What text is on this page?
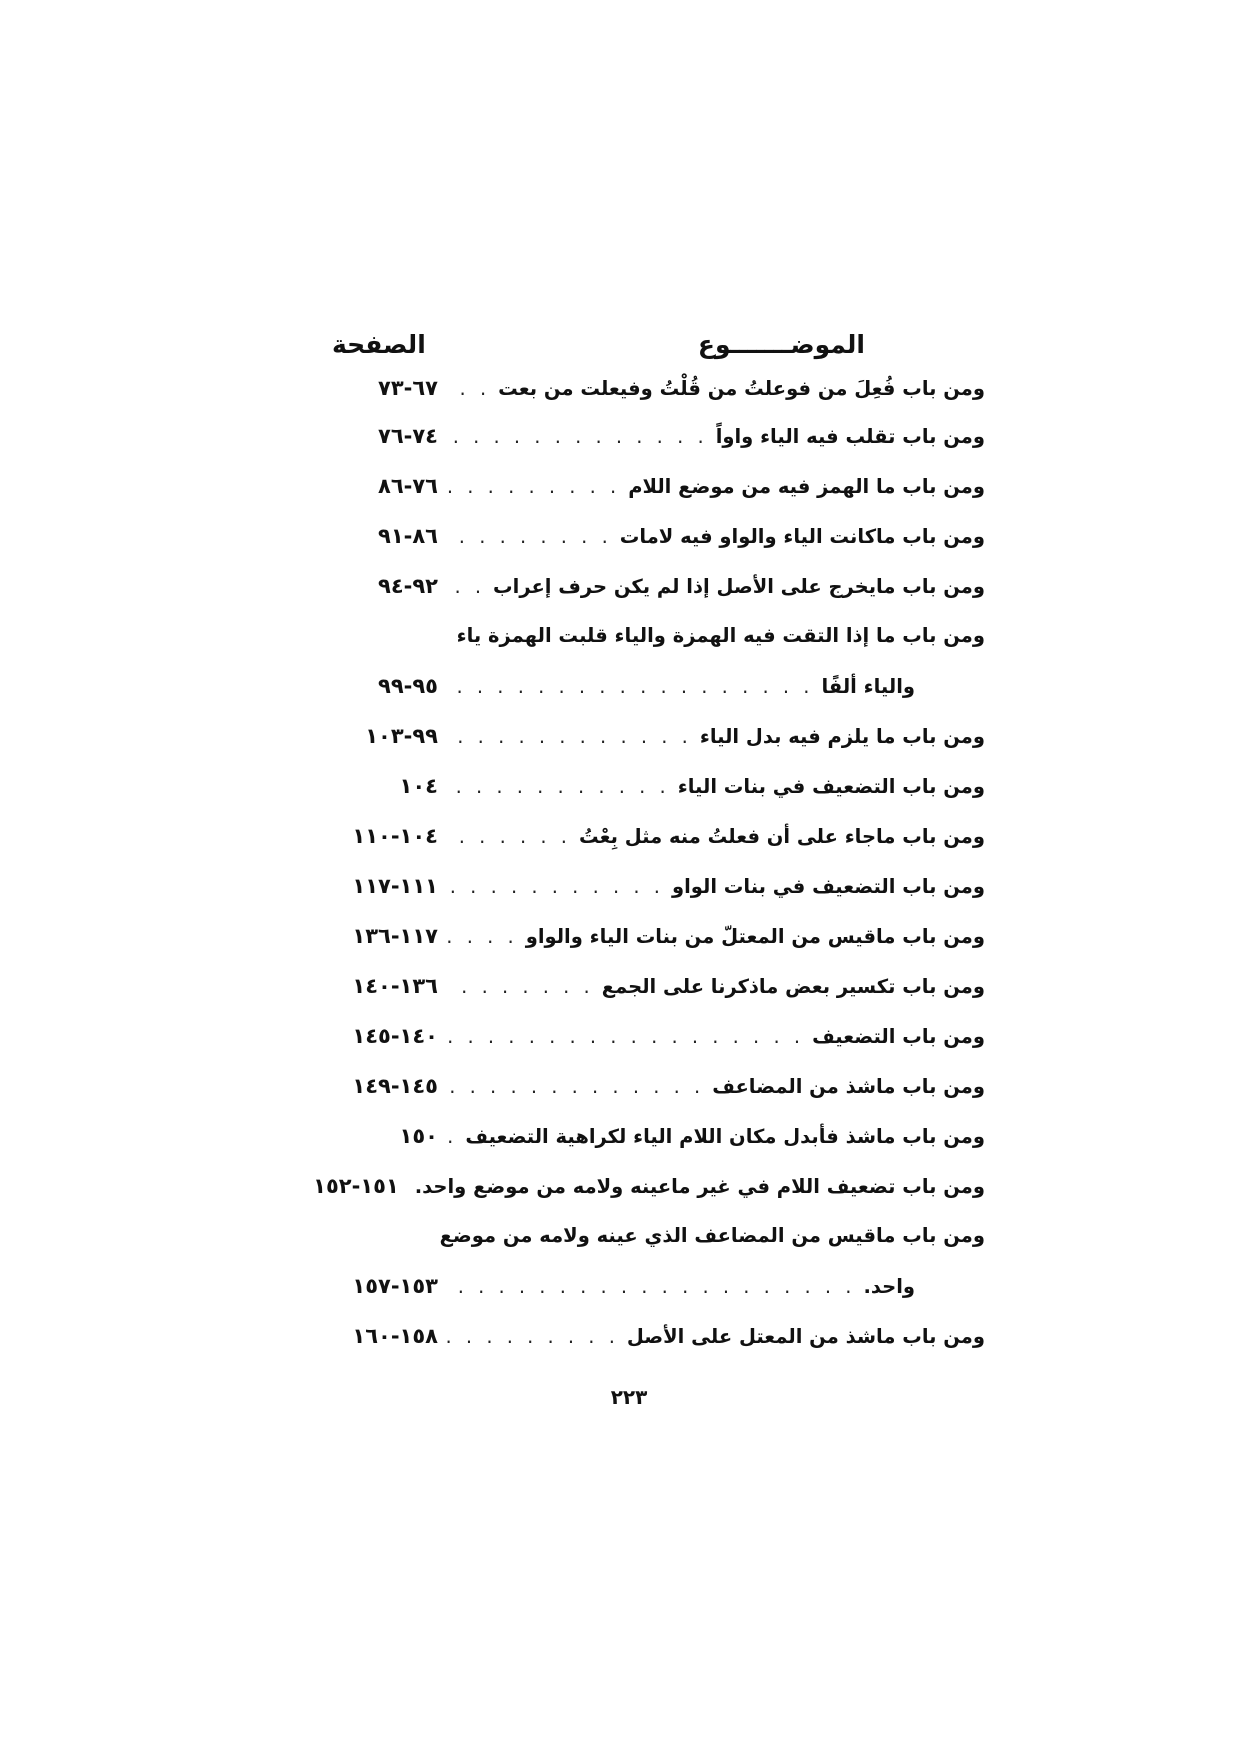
الموضـــــــوع
الصفحة
ومن باب فُعِلَ من فوعلتُ من قُلْتُ وفيعلت من بعت
. . .
٦٧-٧٣
ومن باب تقلب فيه الياء واواً
. . .
٧٤-٧٦
ومن باب ما الهمز فيه من موضع اللام
. . .
٧٦-٨٦
ومن باب ماكانت الياء والواو فيه لامات
. . .
٨٦-٩١
ومن باب مايخرج على الأصل إذا لم يكن حرف إعراب
. . .
٩٢-٩٤
ومن باب ما إذا التقت فيه الهمزة والياء قلبت الهمزة ياء
والياء ألفًا
. . .
٩٥-٩٩
ومن باب ما يلزم فيه بدل الياء
. . .
٩٩-١٠٣
ومن باب التضعيف في بنات الياء
. . .
١٠٤
ومن باب ماجاء على أن فعلتُ منه مثل بِعْتُ
. . .
١٠٤-١١٠
ومن باب التضعيف في بنات الواو
. . .
١١١-١١٧
ومن باب ماقيس من المعتلّ من بنات الياء والواو
. . .
١١٧-١٣٦
ومن باب تكسير بعض ماذكرنا على الجمع
. . .
١٣٦-١٤٠
ومن باب التضعيف
. . .
١٤٠-١٤٥
ومن باب ماشذ من المضاعف
. . .
١٤٥-١٤٩
ومن باب ماشذ فأبدل مكان اللام الياء لكراهية التضعيف
. . .
١٥٠
ومن باب تضعيف اللام في غير ماعينه ولامه من موضع واحد.
١٥١-١٥٢
ومن باب ماقيس من المضاعف الذي عينه ولامه من موضع
واحد.
. . .
١٥٣-١٥٧
ومن باب ماشذ من المعتل على الأصل
. . .
١٥٨-١٦٠
٢٢٣
